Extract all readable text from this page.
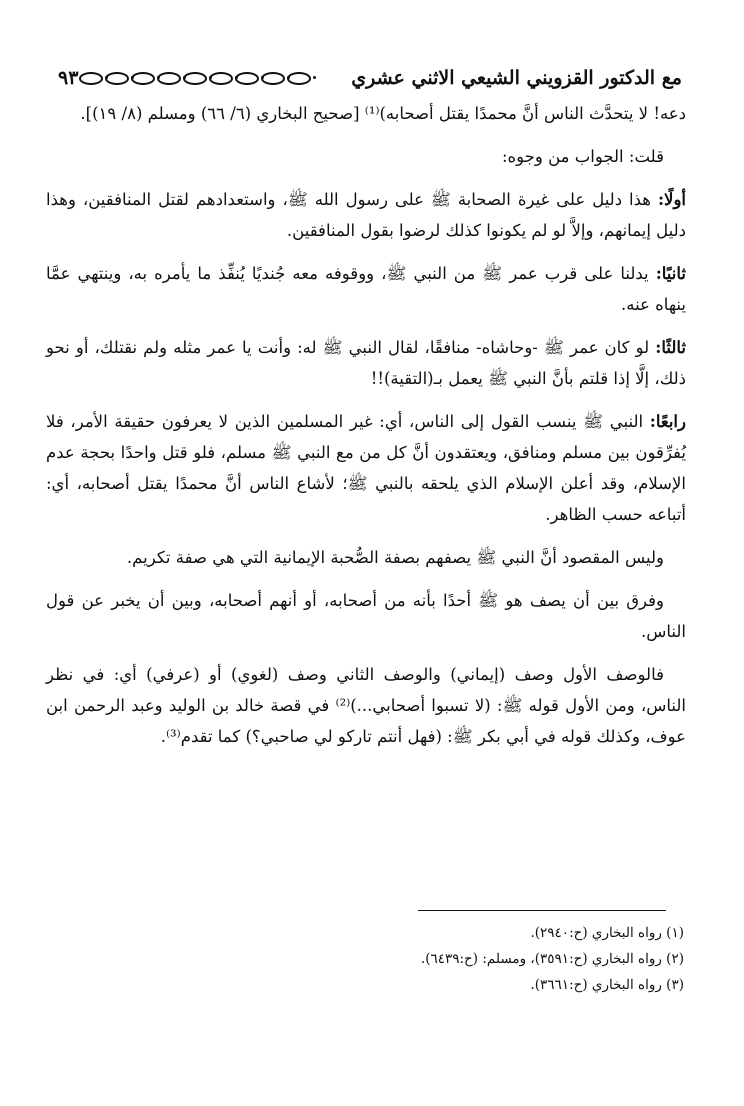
مع الدكتور القزويني الشيعي الاثني عشري
٩٣

دعه! لا يتحدَّث الناس أنَّ محمدًا يقتل أصحابه)⁽¹⁾ [صحيح البخاري (٦/ ٦٦) ومسلم (٨/ ١٩)].

قلت: الجواب من وجوه:

أولًا: هذا دليل على غيرة الصحابة ﷺ على رسول الله ﷺ، واستعدادهم لقتل المنافقين، وهذا دليل إيمانهم، وإلاَّ لو لم يكونوا كذلك لرضوا بقول المنافقين.

ثانيًا: يدلنا على قرب عمر ﷺ من النبي ﷺ، ووقوفه معه جُنديًا يُنفِّذ ما يأمره به، وينتهي عمَّا ينهاه عنه.

ثالثًا: لو كان عمر ﷺ -وحاشاه- منافقًا، لقال النبي ﷺ له: وأنت يا عمر مثله ولم نقتلك، أو نحو ذلك، إلَّا إذا قلتم بأنَّ النبي ﷺ يعمل بـ(التقية)!!

رابعًا: النبي ﷺ ينسب القول إلى الناس، أي: غير المسلمين الذين لا يعرفون حقيقة الأمر، فلا يُفرِّقون بين مسلم ومنافق، ويعتقدون أنَّ كل من مع النبي ﷺ مسلم، فلو قتل واحدًا بحجة عدم الإسلام، وقد أعلن الإسلام الذي يلحقه بالنبي ﷺ؛ لأشاع الناس أنَّ محمدًا يقتل أصحابه، أي: أتباعه حسب الظاهر.

وليس المقصود أنَّ النبي ﷺ يصفهم بصفة الصُّحبة الإيمانية التي هي صفة تكريم.

وفرق بين أن يصف هو ﷺ أحدًا بأنه من أصحابه، أو أنهم أصحابه، وبين أن يخبر عن قول الناس.

فالوصف الأول وصف (إيماني) والوصف الثاني وصف (لغوي) أو (عرفي) أي: في نظر الناس، ومن الأول قوله ﷺ: (لا تسبوا أصحابي...)⁽²⁾ في قصة خالد بن الوليد وعبد الرحمن ابن عوف، وكذلك قوله في أبي بكر ﷺ: (فهل أنتم تاركو لي صاحبي؟) كما تقدم⁽³⁾.

(١) رواه البخاري (ح:٢٩٤٠).
(٢) رواه البخاري (ح:٣٥٩١)، ومسلم: (ح:٦٤٣٩).
(٣) رواه البخاري (ح:٣٦٦١).
